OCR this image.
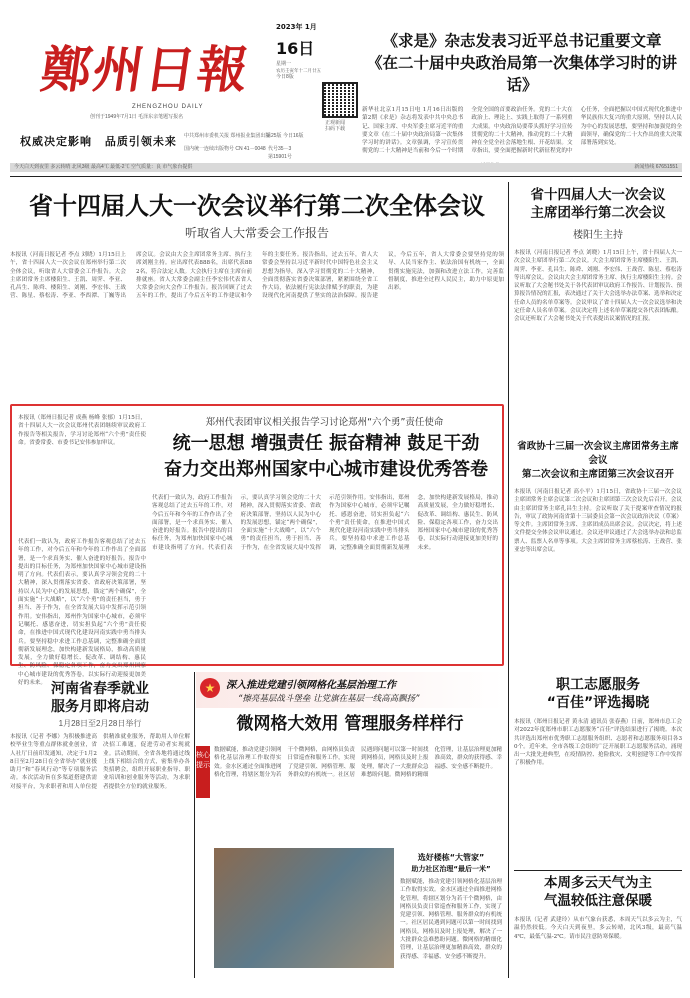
鄭州日報
ZHENGZHOU DAILY
创刊于1949年7月1日 毛泽东亲笔题写报名
权威决定影响 品质引领未来 中共郑州市委机关报 郑州报业集团出版
国内统一连续出版物号 CN 41－0048
第25版 今日16版
代号35－3
第15901号
2023年 1月
16日
星期一
农历壬寅年十二月廿五
今日8版
正观新闻
扫码下载
今天白天到夜里 多云转晴 北风3级 最高4℃ 最低-2℃ 空气质量：良 市气象台提供	新闻热线 67651551
《求是》杂志发表习近平总书记重要文章
《在二十届中央政治局第一次集体学习时的讲话》
新华社北京1月15日电 1月16日出版的第2期《求是》杂志将发表中共中央总书记、国家主席、中央军委主席习近平的重要文章《在二十届中央政治局第一次集体学习时的讲话》。文章强调，学习宣传贯彻党的二十大精神是当前和今后一个时期全党全国的首要政治任务。党的二十大在政治上、理论上、实践上取得了一系列重大成果。中央政治局要带头抓好学习宣传贯彻党的二十大精神，推动党的二十大精神在全党全社会落地生根、开花结果。文章指出，要全面把握新时代新征程党的中心任务，全面把握以中国式现代化推进中华民族伟大复兴的重大原则，坚持以人民为中心的发展思想，要坚持和加强党的全面领导，确保党的二十大作出的重大决策部署落到实处。
省十四届人大一次会议举行第二次全体会议
听取省人大常委会工作报告
本报讯（河南日报记者 李点 刘晓）1月15日上午，省十四届人大一次会议在郑州举行第二次全体会议，听取省人大常委会工作报告。大会主席团常务主席楼阳生、王凯、周霁、李亚、孔昌生、陈舜、楼阳生、刘刚、李宏伟、王战营、陈星、蔡松涛、李亚、李酉潭、丁巍等出席会议。会议由大会主席团常务主席、执行主席刘刚主持。应出席代表888名，出席代表882名，符合法定人数。大会执行主席在主席台前排就座。省人大常委会副主任李宏伟代表省人大常委会向大会作工作报告。报告回顾了过去五年的工作，提出了今后五年的工作建议和今年的主要任务。报告指出，过去五年，省人大常委会坚持以习近平新时代中国特色社会主义思想为指导，深入学习贯彻党的二十大精神，全面贯彻落实省委决策部署，紧紧围绕全省工作大局，依法履行宪法法律赋予的职责，为建设现代化河南提供了坚实的法治保障。报告建议，今后五年，省人大常委会要坚持党的领导、人民当家作主、依法治国有机统一，全面贯彻实施宪法，加强和改进立法工作，完善监督制度，推进全过程人民民主，助力中原更加出彩。
省十四届人大一次会议
主席团举行第二次会议
楼阳生主持
本报讯（河南日报记者 李点 刘晓）1月15日上午，省十四届人大一次会议主席团举行第二次会议。大会主席团常务主席楼阳生、王凯、周霁、李亚、孔昌生、陈舜、刘刚、李宏伟、王战营、陈星、蔡松涛等出席会议。会议由大会主席团常务主席、执行主席楼阳生主持。会议听取了大会秘书处关于各代表团审议政府工作报告、计划报告、预算报告情况的汇报，表决通过了关于大会选举办法草案、选举和决定任命人员的名单草案等。会议审议了省十四届人大一次会议选举和决定任命人员名单草案。会议决定将上述名单草案提交各代表团酝酿。会议还听取了大会秘书处关于代表提出议案情况的汇报。
本报讯（郑州日报记者 成燕 杨峰 张郁）1月15日，省十四届人大一次会议郑州代表团继续审议政府工作报告等相关报告，学习讨论郑州“六个勇”责任使命。省委常委、市委书记安伟参加审议。
郑州代表团审议相关报告学习讨论郑州“六个勇”责任使命
统一思想 增强责任 振奋精神 鼓足干劲
奋力交出郑州国家中心城市建设优秀答卷
代表们一致认为，政府工作报告客观总结了过去五年的工作，对今后五年和今年的工作作出了全面部署，是一个求真务实、催人奋进的好报告。报告中提出的目标任务，为郑州加快国家中心城市建设指明了方向。代表们表示，要认真学习领会党的二十大精神，深入贯彻落实省委、省政府决策部署，坚持以人民为中心的发展思想，锚定“两个确保”，全面实施“十大战略”，以“六个勇”的责任担当，勇于担当、善于作为，在全省发展大局中发挥示范引领作用。安伟指出，郑州作为国家中心城市，必须牢记嘱托、感恩奋进，切实担负起“六个勇”责任使命，在推进中国式现代化建设河南实践中勇当排头兵。要坚持稳中求进工作总基调，完整准确全面贯彻新发展理念，加快构建新发展格局，推动高质量发展，全力做好稳增长、促改革、调结构、惠民生、防风险、保稳定各项工作，奋力交出郑州国家中心城市建设的优秀答卷，以实际行动迎接更加美好的未来。
代表们一致认为，政府工作报告客观总结了过去五年的工作，对今后五年和今年的工作作出了全面部署，是一个求真务实、催人奋进的好报告。报告中提出的目标任务，为郑州加快国家中心城市建设指明了方向。代表们表示，要认真学习领会党的二十大精神，深入贯彻落实省委、省政府决策部署，坚持以人民为中心的发展思想，锚定“两个确保”，全面实施“十大战略”，以“六个勇”的责任担当，勇于担当、善于作为，在全省发展大局中发挥示范引领作用。安伟指出，郑州作为国家中心城市，必须牢记嘱托、感恩奋进，切实担负起“六个勇”责任使命，在推进中国式现代化建设河南实践中勇当排头兵。要坚持稳中求进工作总基调，完整准确全面贯彻新发展理念，加快构建新发展格局，推动高质量发展，全力做好稳增长、促改革、调结构、惠民生、防风险、保稳定各项工作，奋力交出郑州国家中心城市建设的优秀答卷，以实际行动迎接更加美好的未来。
省政协十三届一次会议主席团常务主席会议
第二次会议和主席团第三次会议召开
本报讯（河南日报记者 高小平）1月15日，省政协十三届一次会议主席团常务主席会议第二次会议和主席团第三次会议先后召开。会议由主席团常务主席孔昌生主持。会议听取了关于提案审查情况的报告，审议了政协河南省第十三届委员会第一次会议政治决议（草案）等文件。主席团常务主席、主席团成员出席会议。会议决定，将上述文件提交全体会议审议通过。会议还审议通过了大会选举办法和总监票人、监票人名单等事项。大会主席团常务主席蔡松涛、王战营、张亚忠等出席会议。
★	深入推进党建引领网格化基层治理工作
“擦亮基层战斗堡垒 让党旗在基层一线高高飘扬”
河南省春季就业
服务月即将启动
1月28日至2月28日举行
本报讯（记者 李娜）为积极推进高校毕业生等重点群体就业创业，省人社厅日前印发通知，决定于1月28日至2月28日在全省举办“就业援助月”和“春风行动”等专项服务活动。本次活动旨在多渠道搭建供需对接平台，为求职者和用人单位提供精准就业服务，帮助用人单位解决招工难题，促进劳动者实现就业。活动期间，全省各地将通过线上线下相结合的方式，密集举办各类招聘会，组织开展职业指导、职业培训和创业服务等活动，为求职者提供全方位的就业服务。
微网格大效用 管理服务样样行
核心提示
数据赋能，推动党建引领网格化基层治理工作取得实效。金水区通过全面推进网格化管理，将辖区划分为若干个微网格，由网格员负责日常巡查和服务工作，实现了党建引领、网格管理、服务群众的有机统一。社区居民遇到问题可以第一时间找到网格员，网格员及时上报处理，解决了一大批群众急难愁盼问题。微网格的精细化管理，让基层治理更加精准高效，群众的获得感、幸福感、安全感不断提升。
选好楼栋“大管家”
助力社区治理“最后一米”
数据赋能，推动党建引领网格化基层治理工作取得实效。金水区通过全面推进网格化管理，将辖区划分为若干个微网格，由网格员负责日常巡查和服务工作，实现了党建引领、网格管理、服务群众的有机统一。社区居民遇到问题可以第一时间找到网格员，网格员及时上报处理，解决了一大批群众急难愁盼问题。微网格的精细化管理，让基层治理更加精准高效，群众的获得感、幸福感、安全感不断提升。
职工志愿服务
“百佳”评选揭晓
本报讯（郑州日报记者 黄永清 通讯员 张春燕）日前，郑州市总工会对2022年度郑州市职工志愿服务“百佳”评选结果进行了揭晓。本次共评选出郑州市优秀职工志愿服务组织、志愿者和志愿服务项目各30个。近年来，全市各级工会组织广泛开展职工志愿服务活动，涌现出一大批先进典型，在疫情防控、抢险救灾、文明创建等工作中发挥了积极作用。
本周多云天气为主
气温较低注意保暖
本报讯（记者 武建玲）从市气象台获悉，本周天气以多云为主，气温仍然较低。今天白天到夜里，多云转晴，北风3级，最高气温4℃，最低气温-2℃。请市民注意防寒保暖。
